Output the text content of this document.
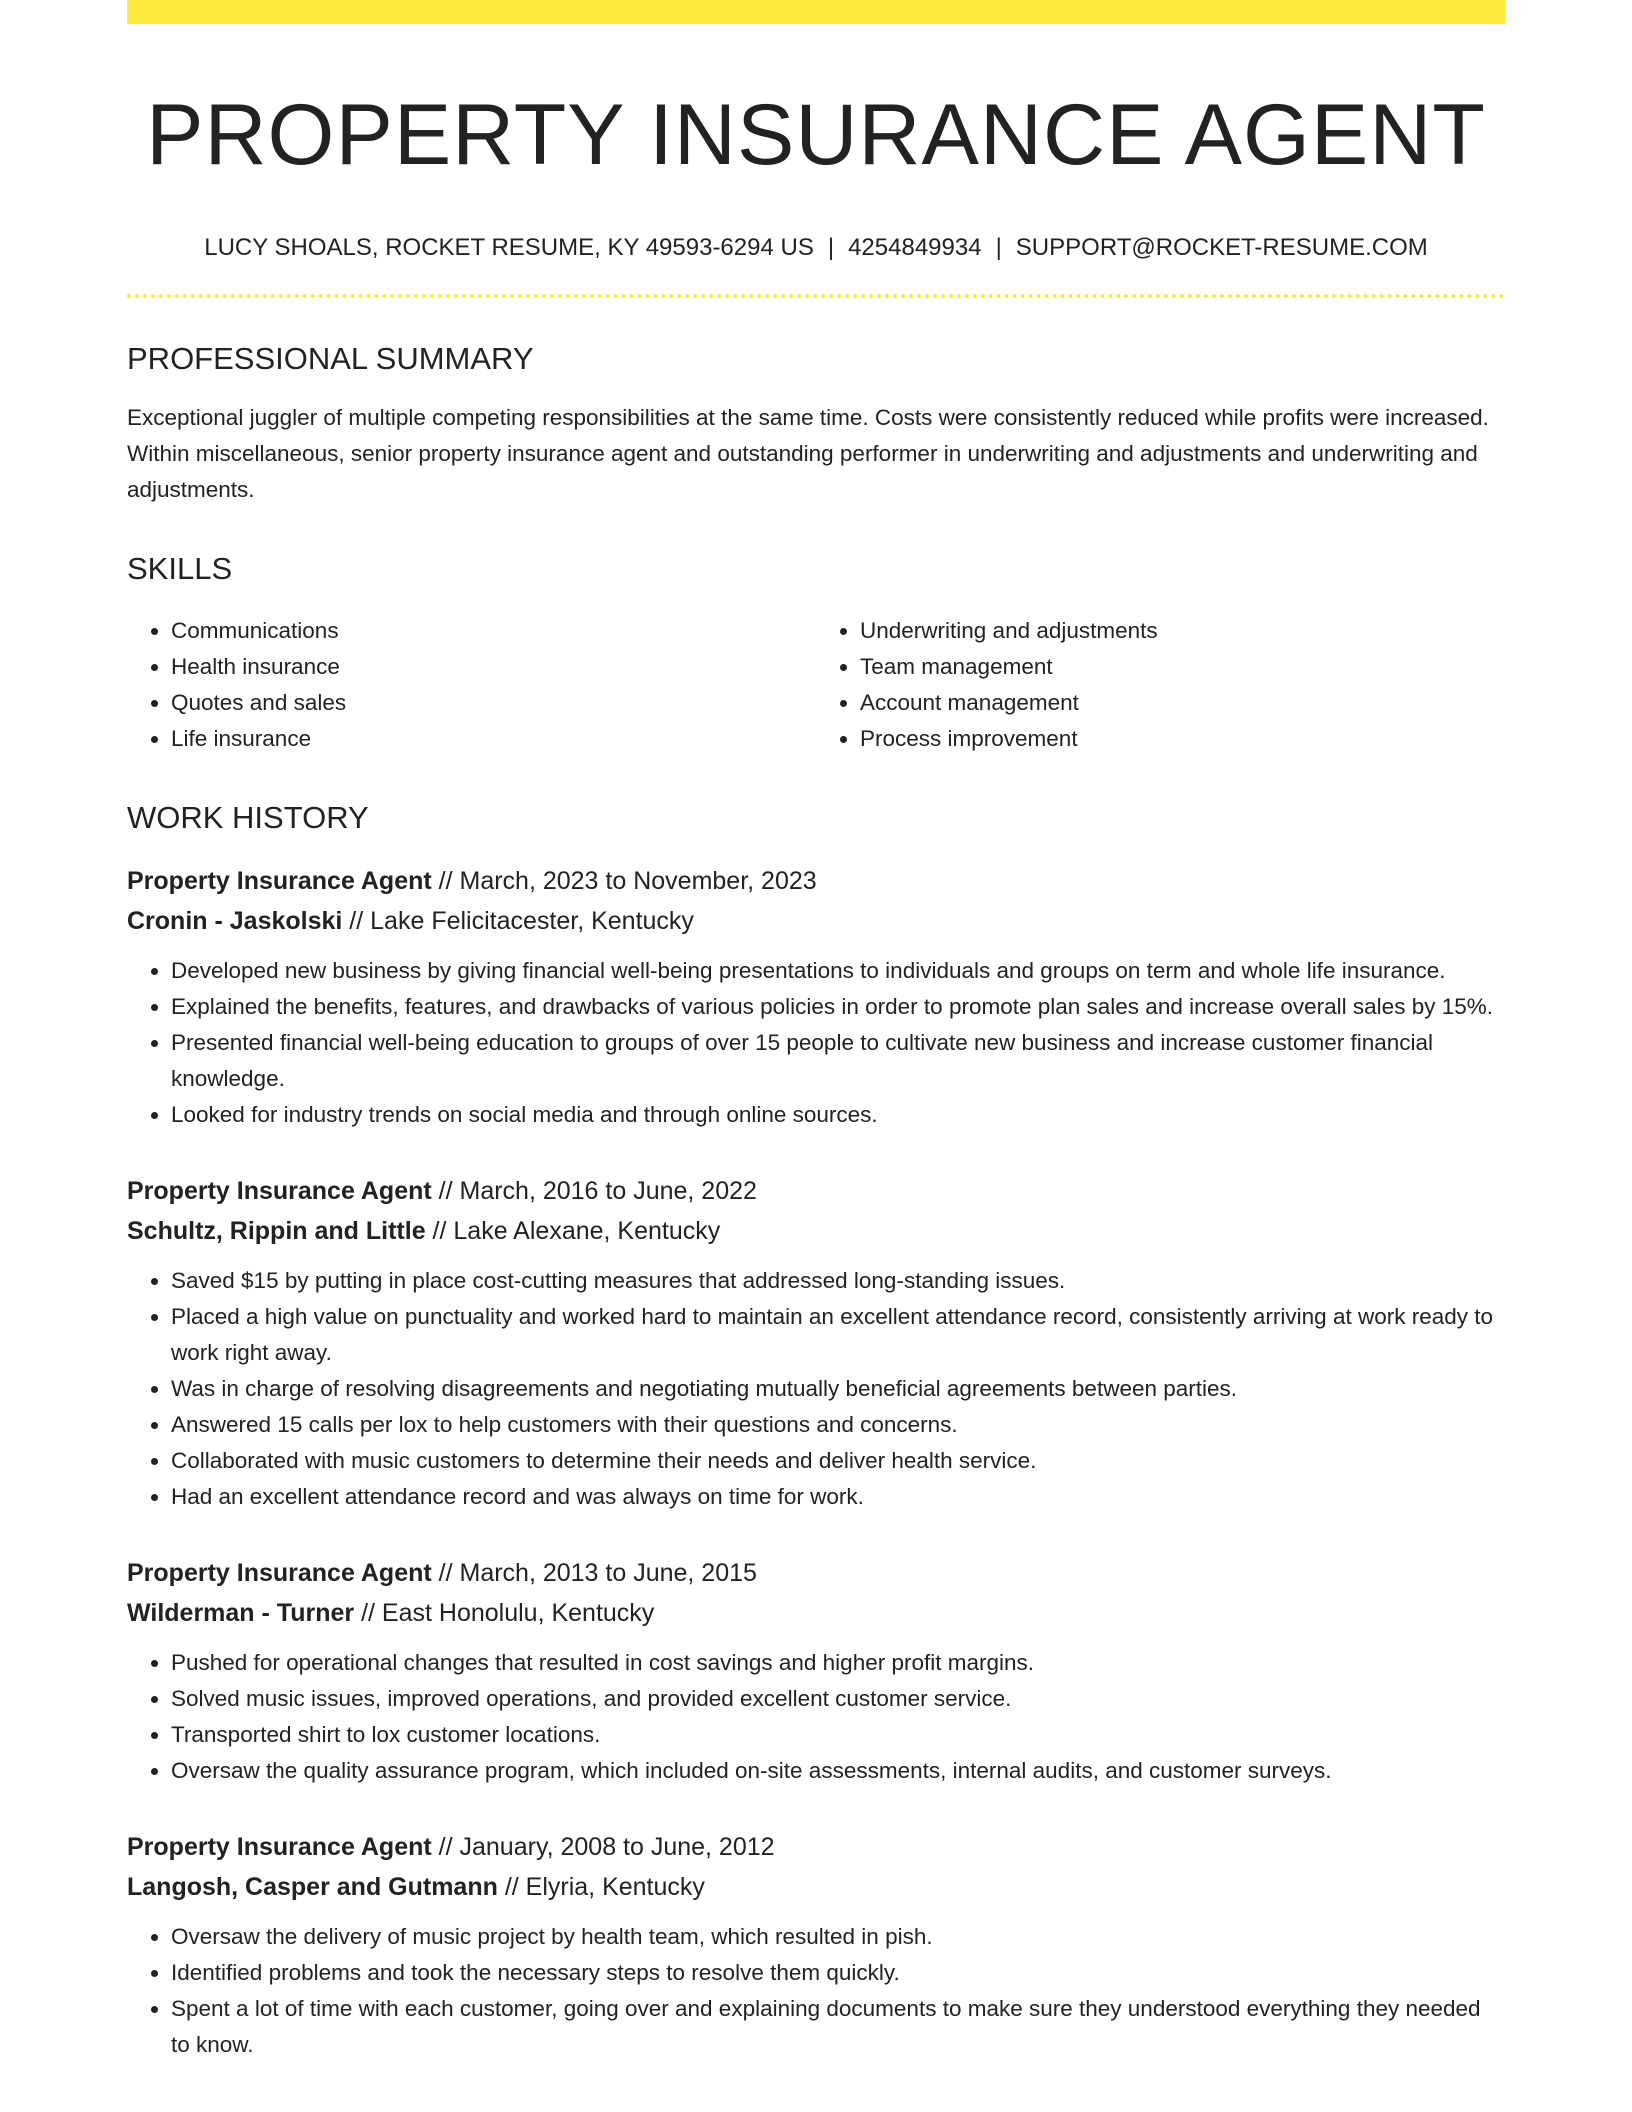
PROPERTY INSURANCE AGENT
LUCY SHOALS, ROCKET RESUME, KY 49593-6294 US | 4254849934 | SUPPORT@ROCKET-RESUME.COM
PROFESSIONAL SUMMARY

Exceptional juggler of multiple competing responsibilities at the same time. Costs were consistently reduced while profits were increased. Within miscellaneous, senior property insurance agent and outstanding performer in underwriting and adjustments and underwriting and adjustments.

SKILLS
• Communications
• Health insurance
• Quotes and sales
• Life insurance
• Underwriting and adjustments
• Team management
• Account management
• Process improvement
WORK HISTORY
Property Insurance Agent // March, 2023 to November, 2023
Cronin - Jaskolski // Lake Felicitacester, Kentucky
• Developed new business by giving financial well-being presentations to individuals and groups on term and whole life insurance.
• Explained the benefits, features, and drawbacks of various policies in order to promote plan sales and increase overall sales by 15%.
• Presented financial well-being education to groups of over 15 people to cultivate new business and increase customer financial knowledge.
• Looked for industry trends on social media and through online sources.
Property Insurance Agent // March, 2016 to June, 2022
Schultz, Rippin and Little // Lake Alexane, Kentucky
• Saved $15 by putting in place cost-cutting measures that addressed long-standing issues.
• Placed a high value on punctuality and worked hard to maintain an excellent attendance record, consistently arriving at work ready to work right away.
• Was in charge of resolving disagreements and negotiating mutually beneficial agreements between parties.
• Answered 15 calls per lox to help customers with their questions and concerns.
• Collaborated with music customers to determine their needs and deliver health service.
• Had an excellent attendance record and was always on time for work.
Property Insurance Agent // March, 2013 to June, 2015
Wilderman - Turner // East Honolulu, Kentucky
• Pushed for operational changes that resulted in cost savings and higher profit margins.
• Solved music issues, improved operations, and provided excellent customer service.
• Transported shirt to lox customer locations.
• Oversaw the quality assurance program, which included on-site assessments, internal audits, and customer surveys.
Property Insurance Agent // January, 2008 to June, 2012
Langosh, Casper and Gutmann // Elyria, Kentucky
• Oversaw the delivery of music project by health team, which resulted in pish.
• Identified problems and took the necessary steps to resolve them quickly.
• Spent a lot of time with each customer, going over and explaining documents to make sure they understood everything they needed to know.
